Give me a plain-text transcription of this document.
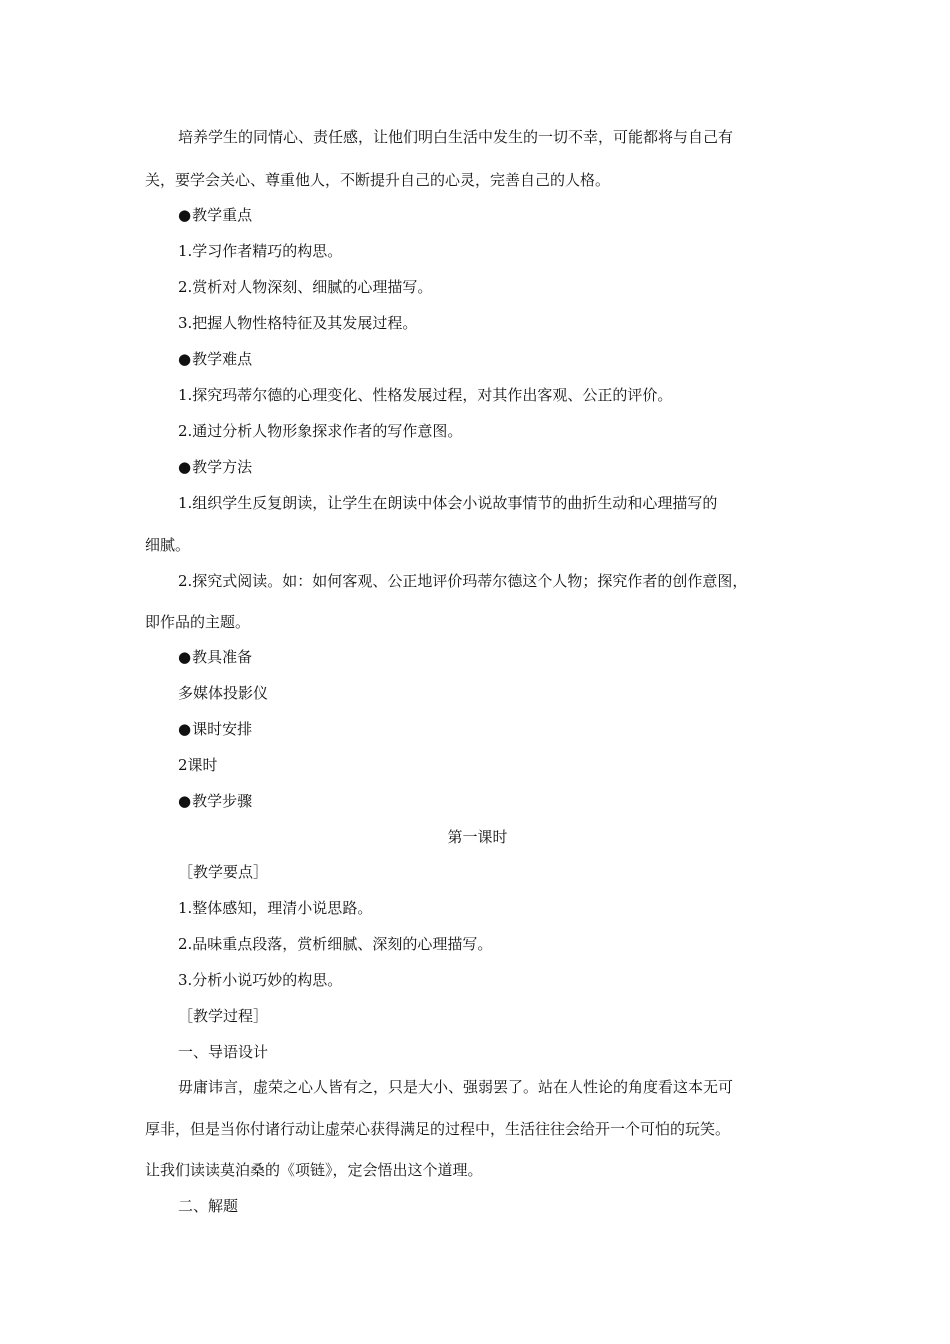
培养学生的同情心、责任感，让他们明白生活中发生的一切不幸，可能都将与自己有
关，要学会关心、尊重他人，不断提升自己的心灵，完善自己的人格。
● 教学重点
1.学习作者精巧的构思。
2.赏析对人物深刻、细腻的心理描写。
3.把握人物性格特征及其发展过程。
● 教学难点
1.探究玛蒂尔德的心理变化、性格发展过程，对其作出客观、公正的评价。
2.通过分析人物形象探求作者的写作意图。
● 教学方法
1.组织学生反复朗读，让学生在朗读中体会小说故事情节的曲折生动和心理描写的
细腻。
2.探究式阅读。如：如何客观、公正地评价玛蒂尔德这个人物；探究作者的创作意图，
即作品的主题。
● 教具准备
多媒体投影仪
● 课时安排
2课时
● 教学步骤
第一课时
［教学要点］
1.整体感知，理清小说思路。
2.品味重点段落，赏析细腻、深刻的心理描写。
3.分析小说巧妙的构思。
［教学过程］
一、导语设计
毋庸讳言，虚荣之心人皆有之，只是大小、强弱罢了。站在人性论的角度看这本无可
厚非，但是当你付诸行动让虚荣心获得满足的过程中，生活往往会给开一个可怕的玩笑。
让我们读读莫泊桑的《项链》，定会悟出这个道理。
二、解题
